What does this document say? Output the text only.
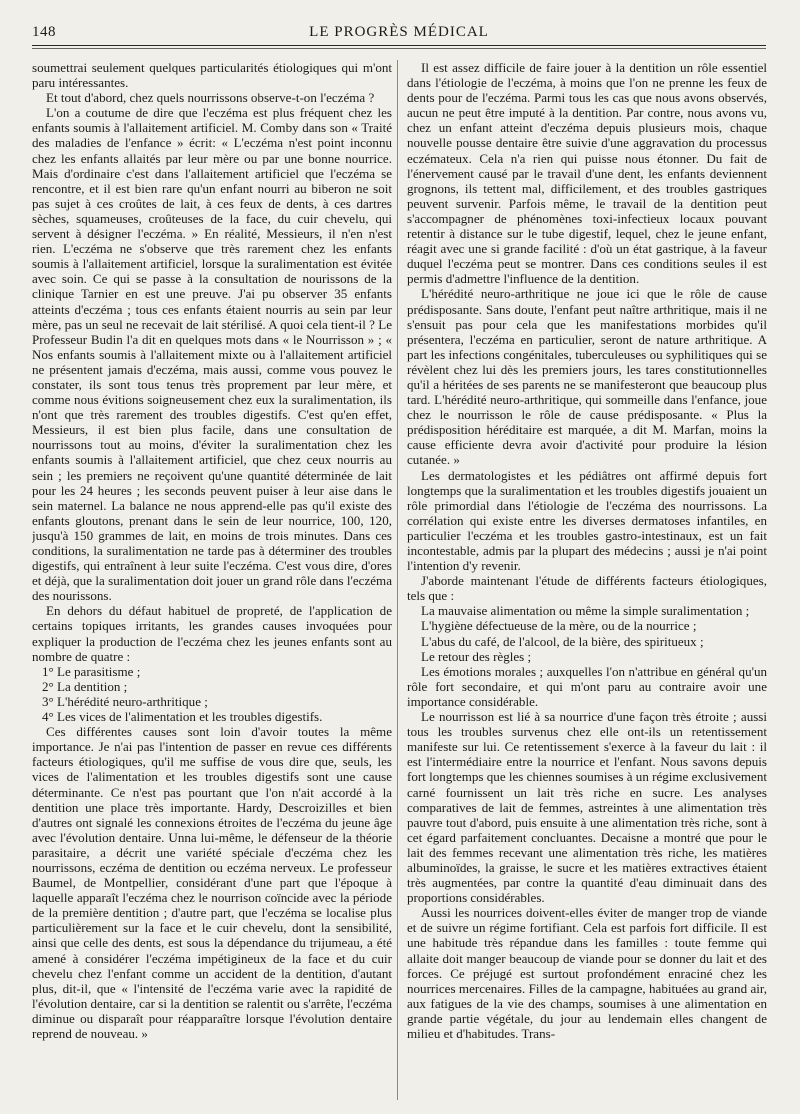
148	LE PROGRÈS MÉDICAL

soumettrai seulement quelques particularités étiologiques qui m'ont paru intéressantes.

Et tout d'abord, chez quels nourrissons observe-t-on l'eczéma ?

L'on a coutume de dire que l'eczéma est plus fréquent chez les enfants soumis à l'allaitement artificiel. M. Comby dans son « Traité des maladies de l'enfance » écrit: « L'eczéma n'est point inconnu chez les enfants allaités par leur mère ou par une bonne nourrice. Mais d'ordinaire c'est dans l'allaitement artificiel que l'eczéma se rencontre, et il est bien rare qu'un enfant nourri au biberon ne soit pas sujet à ces croûtes de lait, à ces feux de dents, à ces dartres sèches, squameuses, croûteuses de la face, du cuir chevelu, qui servent à désigner l'eczéma. » En réalité, Messieurs, il n'en n'est rien. L'eczéma ne s'observe que très rarement chez les enfants soumis à l'allaitement artificiel, lorsque la suralimentation est évitée avec soin. Ce qui se passe à la consultation de nourissons de la clinique Tarnier en est une preuve. J'ai pu observer 35 enfants atteints d'eczéma ; tous ces enfants étaient nourris au sein par leur mère, pas un seul ne recevait de lait stérilisé. A quoi cela tient-il ? Le Professeur Budin l'a dit en quelques mots dans « le Nourrisson » ; « Nos enfants soumis à l'allaitement mixte ou à l'allaitement artificiel ne présentent jamais d'eczéma, mais aussi, comme vous pouvez le constater, ils sont tous tenus très proprement par leur mère, et comme nous évitions soigneusement chez eux la suralimentation, ils n'ont que très rarement des troubles digestifs. C'est qu'en effet, Messieurs, il est bien plus facile, dans une consultation de nourrissons tout au moins, d'éviter la suralimentation chez les enfants soumis à l'allaitement artificiel, que chez ceux nourris au sein ; les premiers ne reçoivent qu'une quantité déterminée de lait pour les 24 heures ; les seconds peuvent puiser à leur aise dans le sein maternel. La balance ne nous apprend-elle pas qu'il existe des enfants gloutons, prenant dans le sein de leur nourrice, 100, 120, jusqu'à 150 grammes de lait, en moins de trois minutes. Dans ces conditions, la suralimentation ne tarde pas à déterminer des troubles digestifs, qui entraînent à leur suite l'eczéma. C'est vous dire, d'ores et déjà, que la suralimentation doit jouer un grand rôle dans l'eczéma des nourissons.

En dehors du défaut habituel de propreté, de l'application de certains topiques irritants, les grandes causes invoquées pour expliquer la production de l'eczéma chez les jeunes enfants sont au nombre de quatre :

1° Le parasitisme ;

2° La dentition ;

3° L'hérédité neuro-arthritique ;

4° Les vices de l'alimentation et les troubles digestifs.

Ces différentes causes sont loin d'avoir toutes la même importance. Je n'ai pas l'intention de passer en revue ces différents facteurs étiologiques, qu'il me suffise de vous dire que, seuls, les vices de l'alimentation et les troubles digestifs sont une cause déterminante. Ce n'est pas pourtant que l'on n'ait accordé à la dentition une place très importante. Hardy, Descroizilles et bien d'autres ont signalé les connexions étroites de l'eczéma du jeune âge avec l'évolution dentaire. Unna lui-même, le défenseur de la théorie parasitaire, a décrit une variété spéciale d'eczéma chez les nourrissons, eczéma de dentition ou eczéma nerveux. Le professeur Baumel, de Montpellier, considérant d'une part que l'époque à laquelle apparaît l'eczéma chez le nourrison coïncide avec la période de la première dentition ; d'autre part, que l'eczéma se localise plus particulièrement sur la face et le cuir chevelu, dont la sensibilité, ainsi que celle des dents, est sous la dépendance du trijumeau, a été amené à considérer l'eczéma impétigineux de la face et du cuir chevelu chez l'enfant comme un accident de la dentition, d'autant plus, dit-il, que « l'intensité de l'eczéma varie avec la rapidité de l'évolution dentaire, car si la dentition se ralentit ou s'arrête, l'eczéma diminue ou disparaît pour réapparaître lorsque l'évolution dentaire reprend de nouveau. »

Il est assez difficile de faire jouer à la dentition un rôle essentiel dans l'étiologie de l'eczéma, à moins que l'on ne prenne les feux de dents pour de l'eczéma. Parmi tous les cas que nous avons observés, aucun ne peut être imputé à la dentition. Par contre, nous avons vu, chez un enfant atteint d'eczéma depuis plusieurs mois, chaque nouvelle pousse dentaire être suivie d'une aggravation du processus eczémateux. Cela n'a rien qui puisse nous étonner. Du fait de l'énervement causé par le travail d'une dent, les enfants deviennent grognons, ils tettent mal, difficilement, et des troubles gastriques peuvent survenir. Parfois même, le travail de la dentition peut s'accompagner de phénomènes toxi-infectieux locaux pouvant retentir à distance sur le tube digestif, lequel, chez le jeune enfant, réagit avec une si grande facilité : d'où un état gastrique, à la faveur duquel l'eczéma peut se montrer. Dans ces conditions seules il est permis d'admettre l'influence de la dentition.

L'hérédité neuro-arthritique ne joue ici que le rôle de cause prédisposante. Sans doute, l'enfant peut naître arthritique, mais il ne s'ensuit pas pour cela que les manifestations morbides qu'il présentera, l'eczéma en particulier, seront de nature arthritique. A part les infections congénitales, tuberculeuses ou syphilitiques qui se révèlent chez lui dès les premiers jours, les tares constitutionnelles qu'il a héritées de ses parents ne se manifesteront que beaucoup plus tard. L'hérédité neuro-arthritique, qui sommeille dans l'enfance, joue chez le nourrisson le rôle de cause prédisposante. « Plus la prédisposition héréditaire est marquée, a dit M. Marfan, moins la cause efficiente devra avoir d'activité pour produire la lésion cutanée. »

Les dermatologistes et les pédiâtres ont affirmé depuis fort longtemps que la suralimentation et les troubles digestifs jouaient un rôle primordial dans l'étiologie de l'eczéma des nourrissons. La corrélation qui existe entre les diverses dermatoses infantiles, en particulier l'eczéma et les troubles gastro-intestinaux, est un fait incontestable, admis par la plupart des médecins ; aussi je n'ai point l'intention d'y revenir.

J'aborde maintenant l'étude de différents facteurs étiologiques, tels que :

La mauvaise alimentation ou même la simple suralimentation ;

L'hygiène défectueuse de la mère, ou de la nourrice ;

L'abus du café, de l'alcool, de la bière, des spiritueux ;

Le retour des règles ;

Les émotions morales ; auxquelles l'on n'attribue en général qu'un rôle fort secondaire, et qui m'ont paru au contraire avoir une importance considérable.

Le nourrisson est lié à sa nourrice d'une façon très étroite ; aussi tous les troubles survenus chez elle ont-ils un retentissement manifeste sur lui. Ce retentissement s'exerce à la faveur du lait : il est l'intermédiaire entre la nourrice et l'enfant. Nous savons depuis fort longtemps que les chiennes soumises à un régime exclusivement carné fournissent un lait très riche en sucre. Les analyses comparatives de lait de femmes, astreintes à une alimentation très pauvre tout d'abord, puis ensuite à une alimentation très riche, sont à cet égard parfaitement concluantes. Decaisne a montré que pour le lait des femmes recevant une alimentation très riche, les matières albuminoïdes, la graisse, le sucre et les matières extractives étaient très augmentées, par contre la quantité d'eau diminuait dans des proportions considérables.

Aussi les nourrices doivent-elles éviter de manger trop de viande et de suivre un régime fortifiant. Cela est parfois fort difficile. Il est une habitude très répandue dans les familles : toute femme qui allaite doit manger beaucoup de viande pour se donner du lait et des forces. Ce préjugé est surtout profondément enraciné chez les nourrices mercenaires. Filles de la campagne, habituées au grand air, aux fatigues de la vie des champs, soumises à une alimentation en grande partie végétale, du jour au lendemain elles changent de milieu et d'habitudes. Trans-
